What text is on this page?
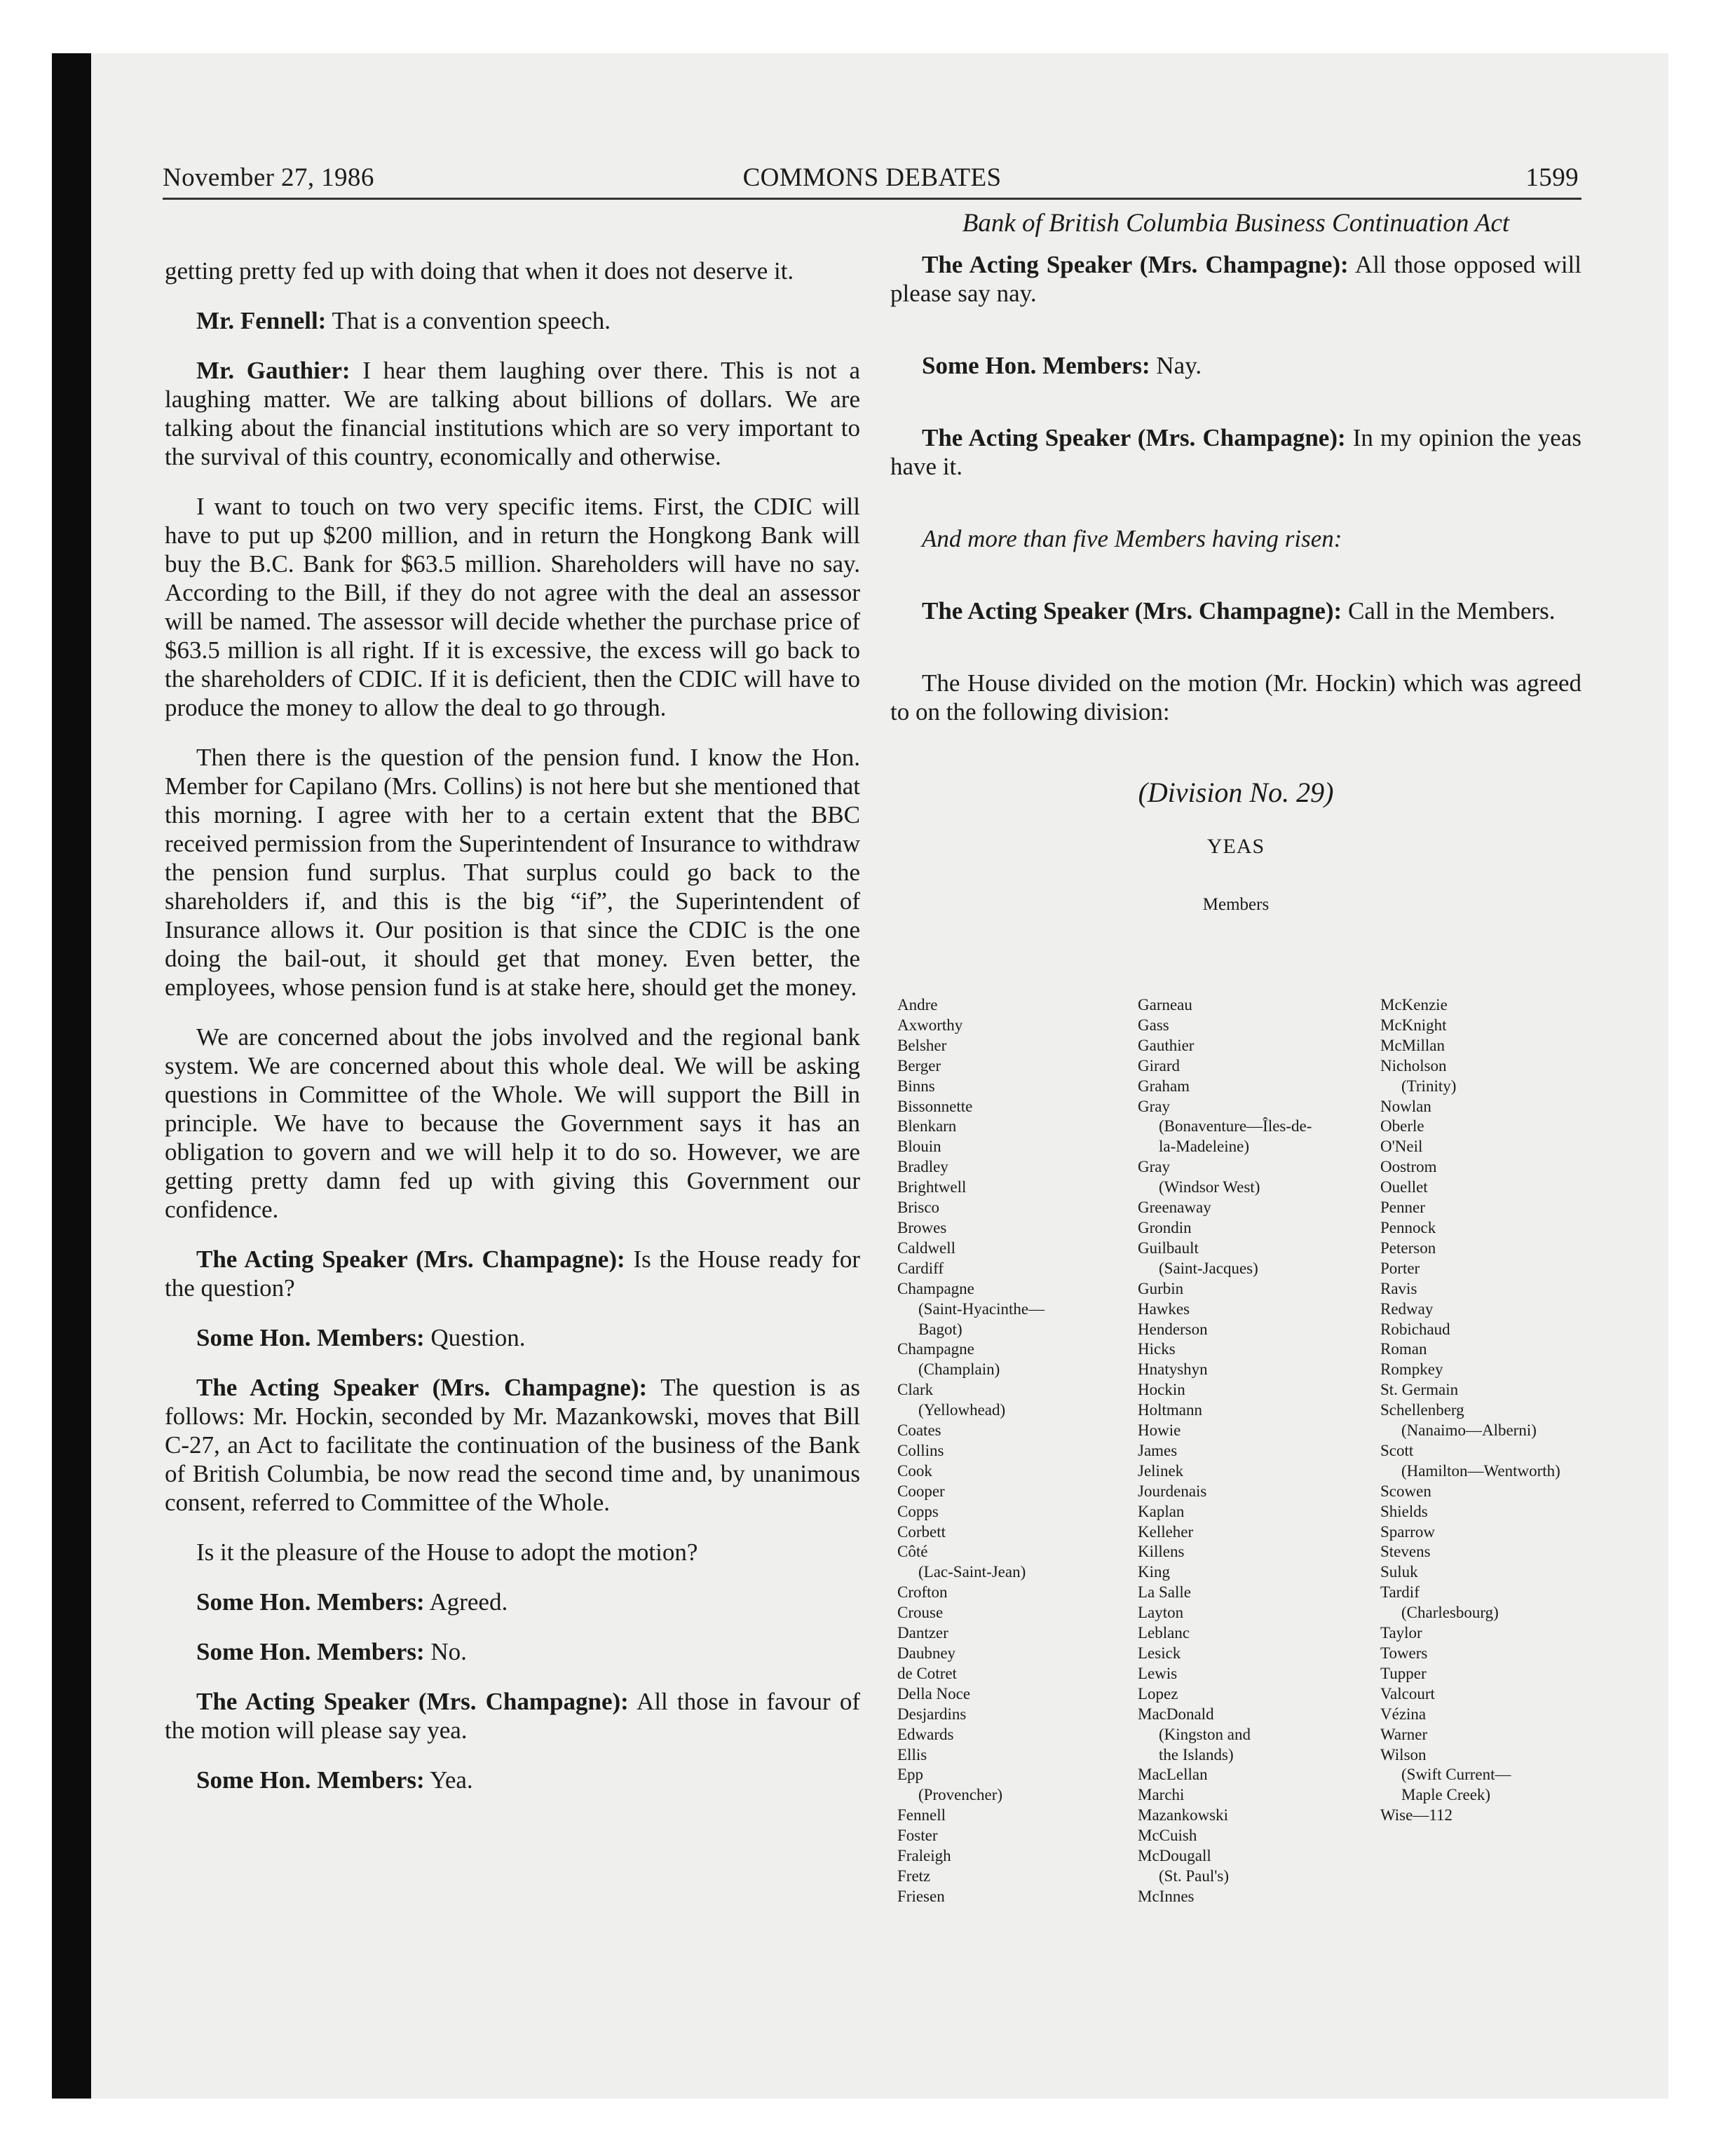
COMMONS DEBATES
November 27, 1986	1599

getting pretty fed up with doing that when it does not deserve it.

Mr. Fennell: That is a convention speech.

Mr. Gauthier: I hear them laughing over there. This is not a laughing matter. We are talking about billions of dollars. We are talking about the financial institutions which are so very important to the survival of this country, economically and otherwise.

I want to touch on two very specific items. First, the CDIC will have to put up $200 million, and in return the Hongkong Bank will buy the B.C. Bank for $63.5 million. Shareholders will have no say. According to the Bill, if they do not agree with the deal an assessor will be named. The assessor will decide whether the purchase price of $63.5 million is all right. If it is excessive, the excess will go back to the shareholders of CDIC. If it is deficient, then the CDIC will have to produce the money to allow the deal to go through.

Then there is the question of the pension fund. I know the Hon. Member for Capilano (Mrs. Collins) is not here but she mentioned that this morning. I agree with her to a certain extent that the BBC received permission from the Superintendent of Insurance to withdraw the pension fund surplus. That surplus could go back to the shareholders if, and this is the big “if”, the Superintendent of Insurance allows it. Our position is that since the CDIC is the one doing the bail-out, it should get that money. Even better, the employees, whose pension fund is at stake here, should get the money.

We are concerned about the jobs involved and the regional bank system. We are concerned about this whole deal. We will be asking questions in Committee of the Whole. We will support the Bill in principle. We have to because the Government says it has an obligation to govern and we will help it to do so. However, we are getting pretty damn fed up with giving this Government our confidence.

The Acting Speaker (Mrs. Champagne): Is the House ready for the question?

Some Hon. Members: Question.

The Acting Speaker (Mrs. Champagne): The question is as follows: Mr. Hockin, seconded by Mr. Mazankowski, moves that Bill C-27, an Act to facilitate the continuation of the business of the Bank of British Columbia, be now read the second time and, by unanimous consent, referred to Committee of the Whole.

Is it the pleasure of the House to adopt the motion?

Some Hon. Members: Agreed.

Some Hon. Members: No.

The Acting Speaker (Mrs. Champagne): All those in favour of the motion will please say yea.

Some Hon. Members: Yea.

Bank of British Columbia Business Continuation Act

The Acting Speaker (Mrs. Champagne): All those opposed will please say nay.

Some Hon. Members: Nay.

The Acting Speaker (Mrs. Champagne): In my opinion the yeas have it.

And more than five Members having risen:

The Acting Speaker (Mrs. Champagne): Call in the Members.

The House divided on the motion (Mr. Hockin) which was agreed to on the following division:

(Division No. 29)

YEAS

Members

Andre
Axworthy
Belsher
Berger
Binns
Bissonnette
Blenkarn
Blouin
Bradley
Brightwell
Brisco
Browes
Caldwell
Cardiff
Champagne
(Saint-Hyacinthe—
Bagot)
Champagne
(Champlain)
Clark
(Yellowhead)
Coates
Collins
Cook
Cooper
Copps
Corbett
Côté
(Lac-Saint-Jean)
Crofton
Crouse
Dantzer
Daubney
de Cotret
Della Noce
Desjardins
Edwards
Ellis
Epp
(Provencher)
Fennell
Foster
Fraleigh
Fretz
Friesen
Garneau
Gass
Gauthier
Girard
Graham
Gray
(Bonaventure—Îles-de-
la-Madeleine)
Gray
(Windsor West)
Greenaway
Grondin
Guilbault
(Saint-Jacques)
Gurbin
Hawkes
Henderson
Hicks
Hnatyshyn
Hockin
Holtmann
Howie
James
Jelinek
Jourdenais
Kaplan
Kelleher
Killens
King
La Salle
Layton
Leblanc
Lesick
Lewis
Lopez
MacDonald
(Kingston and
the Islands)
MacLellan
Marchi
Mazankowski
McCuish
McDougall
(St. Paul's)
McInnes
McKenzie
McKnight
McMillan
Nicholson
(Trinity)
Nowlan
Oberle
O'Neil
Oostrom
Ouellet
Penner
Pennock
Peterson
Porter
Ravis
Redway
Robichaud
Roman
Rompkey
St. Germain
Schellenberg
(Nanaimo—Alberni)
Scott
(Hamilton—Wentworth)
Scowen
Shields
Sparrow
Stevens
Suluk
Tardif
(Charlesbourg)
Taylor
Towers
Tupper
Valcourt
Vézina
Warner
Wilson
(Swift Current—
Maple Creek)
Wise—112
